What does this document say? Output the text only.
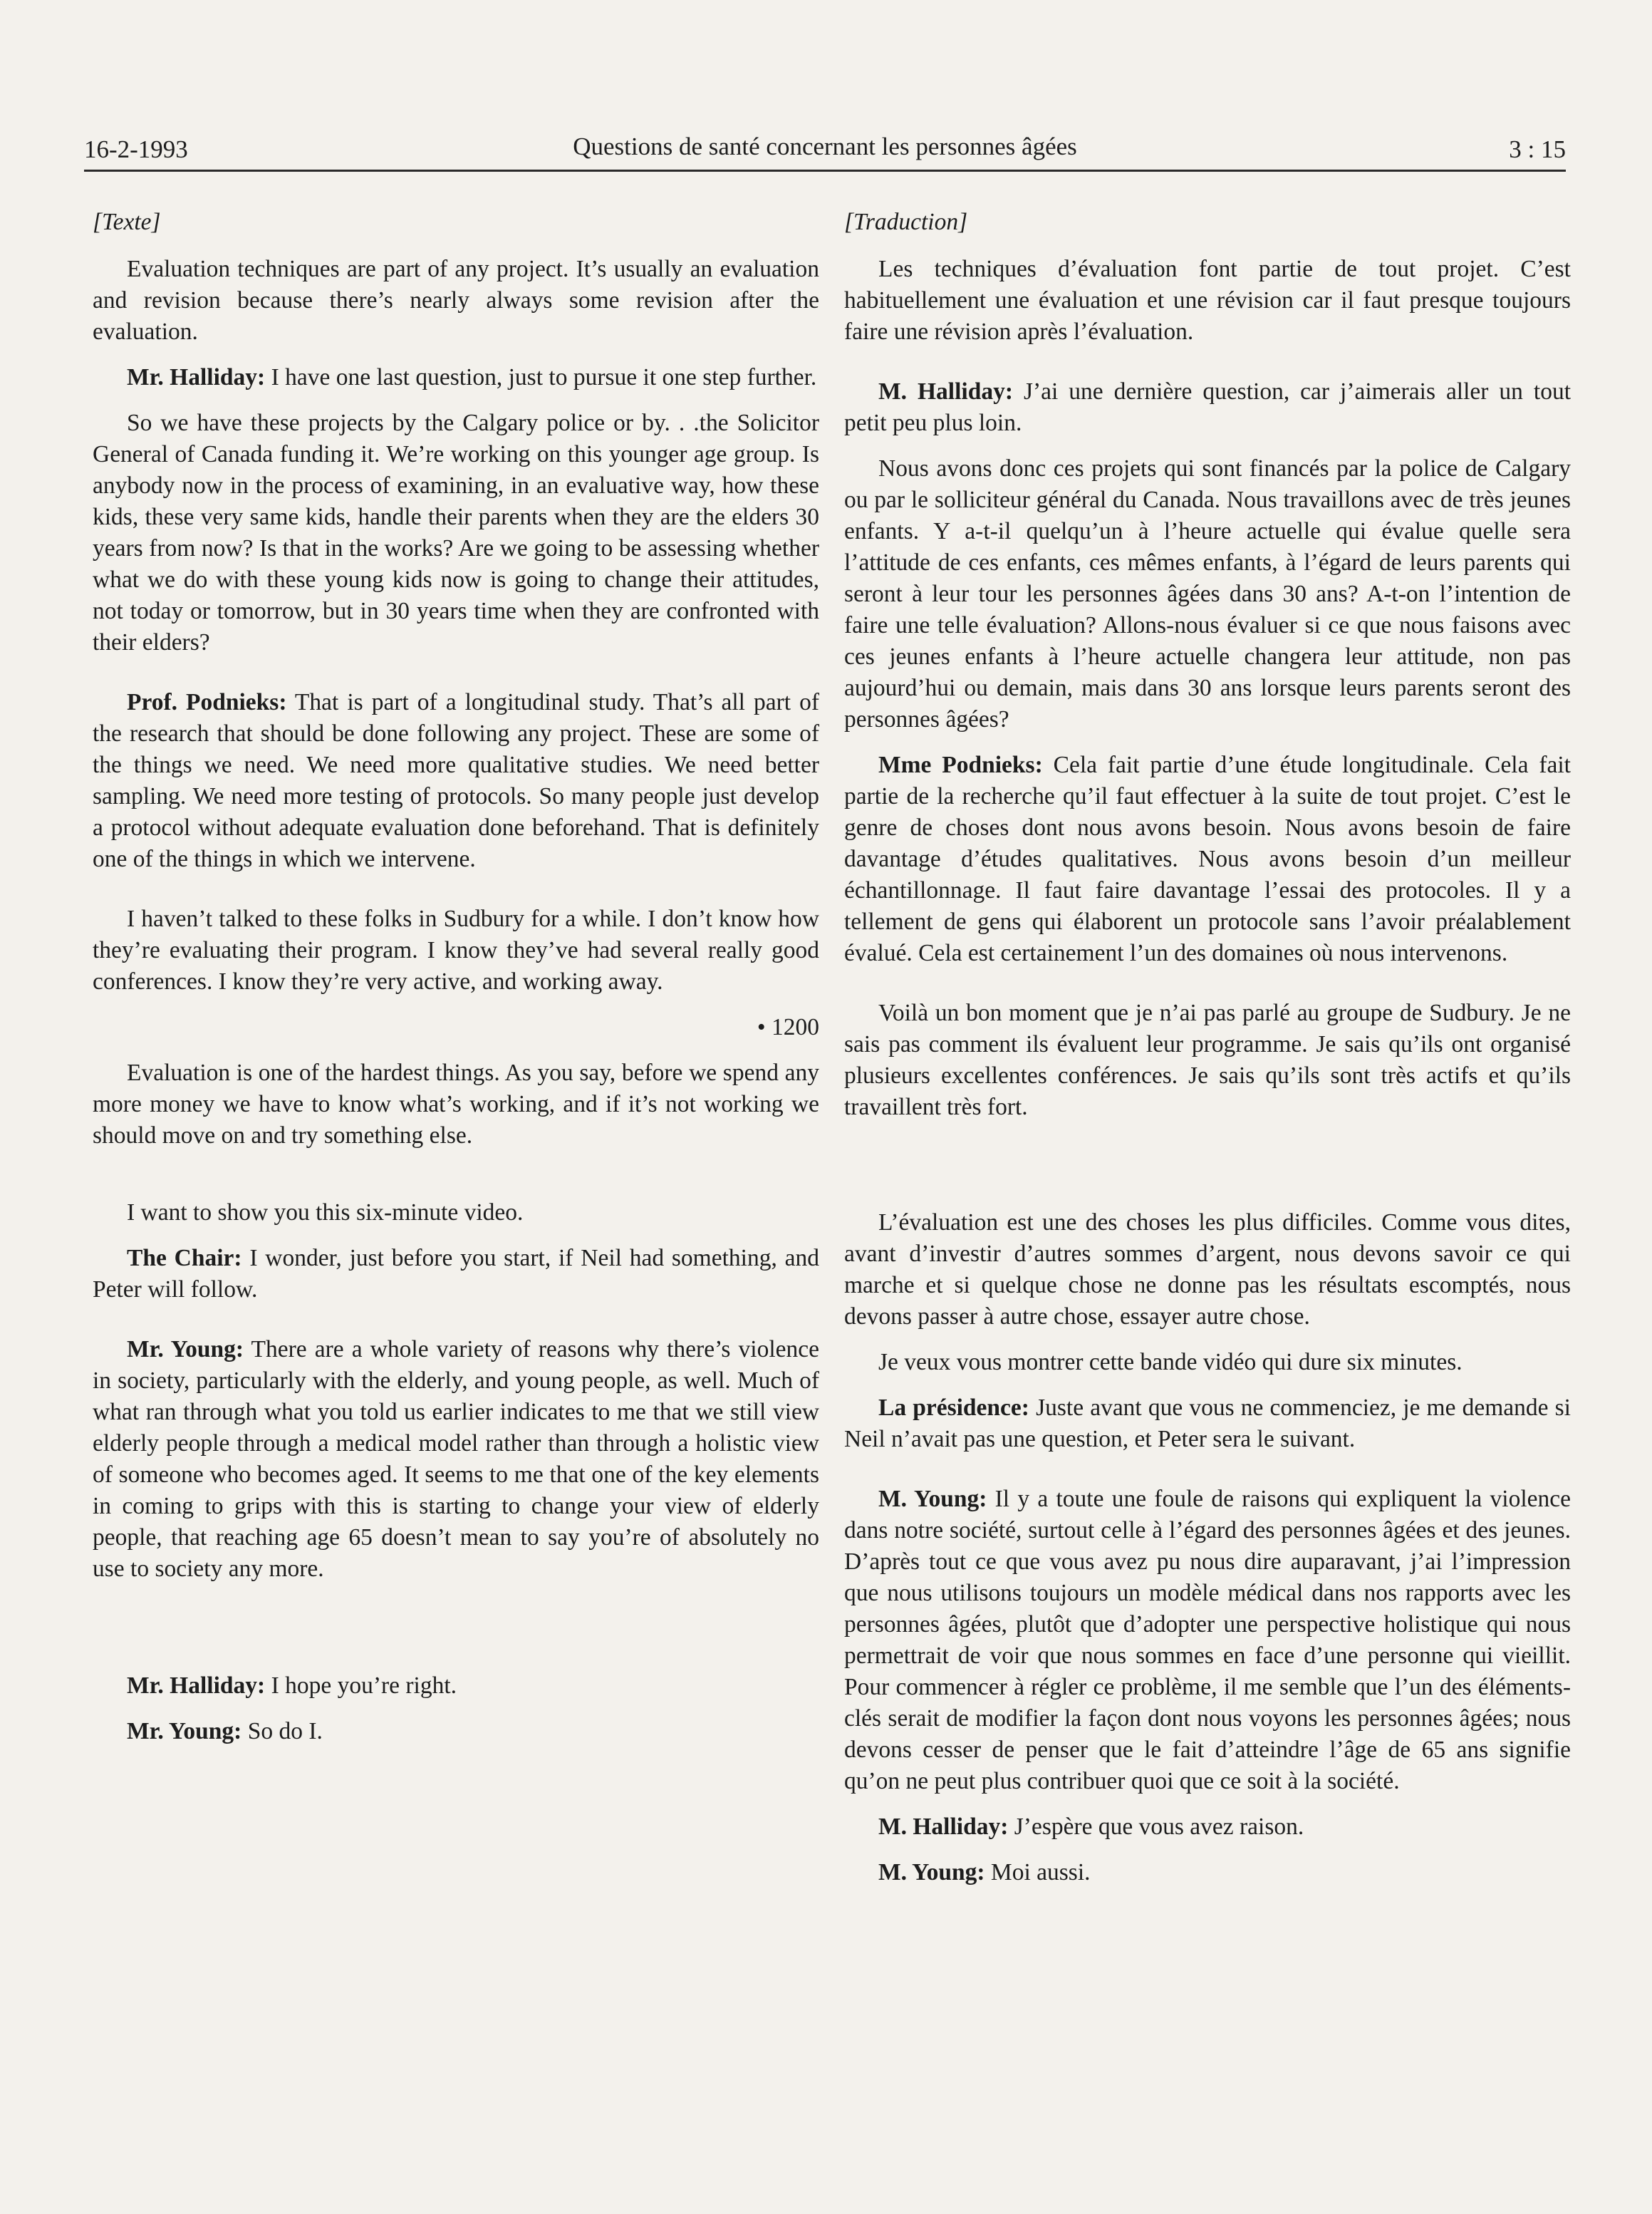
16-2-1993	Questions de santé concernant les personnes âgées	3 : 15
[Texte]

Evaluation techniques are part of any project. It’s usually an evaluation and revision because there’s nearly always some revision after the evaluation.

Mr. Halliday: I have one last question, just to pursue it one step further.

So we have these projects by the Calgary police or by. . .the Solicitor General of Canada funding it. We’re working on this younger age group. Is anybody now in the process of examining, in an evaluative way, how these kids, these very same kids, handle their parents when they are the elders 30 years from now? Is that in the works? Are we going to be assessing whether what we do with these young kids now is going to change their attitudes, not today or tomorrow, but in 30 years time when they are confronted with their elders?

Prof. Podnieks: That is part of a longitudinal study. That’s all part of the research that should be done following any project. These are some of the things we need. We need more qualitative studies. We need better sampling. We need more testing of protocols. So many people just develop a protocol without adequate evaluation done beforehand. That is definitely one of the things in which we intervene.

I haven’t talked to these folks in Sudbury for a while. I don’t know how they’re evaluating their program. I know they’ve had several really good conferences. I know they’re very active, and working away.

• 1200

Evaluation is one of the hardest things. As you say, before we spend any more money we have to know what’s working, and if it’s not working we should move on and try something else.

I want to show you this six-minute video.

The Chair: I wonder, just before you start, if Neil had something, and Peter will follow.

Mr. Young: There are a whole variety of reasons why there’s violence in society, particularly with the elderly, and young people, as well. Much of what ran through what you told us earlier indicates to me that we still view elderly people through a medical model rather than through a holistic view of someone who becomes aged. It seems to me that one of the key elements in coming to grips with this is starting to change your view of elderly people, that reaching age 65 doesn’t mean to say you’re of absolutely no use to society any more.

Mr. Halliday: I hope you’re right.

Mr. Young: So do I.

[Traduction]

Les techniques d’évaluation font partie de tout projet. C’est habituellement une évaluation et une révision car il faut presque toujours faire une révision après l’évaluation.

M. Halliday: J’ai une dernière question, car j’aimerais aller un tout petit peu plus loin.

Nous avons donc ces projets qui sont financés par la police de Calgary ou par le solliciteur général du Canada. Nous travaillons avec de très jeunes enfants. Y a-t-il quelqu’un à l’heure actuelle qui évalue quelle sera l’attitude de ces enfants, ces mêmes enfants, à l’égard de leurs parents qui seront à leur tour les personnes âgées dans 30 ans? A-t-on l’intention de faire une telle évaluation? Allons-nous évaluer si ce que nous faisons avec ces jeunes enfants à l’heure actuelle changera leur attitude, non pas aujourd’hui ou demain, mais dans 30 ans lorsque leurs parents seront des personnes âgées?

Mme Podnieks: Cela fait partie d’une étude longitudinale. Cela fait partie de la recherche qu’il faut effectuer à la suite de tout projet. C’est le genre de choses dont nous avons besoin. Nous avons besoin de faire davantage d’études qualitatives. Nous avons besoin d’un meilleur échantillonnage. Il faut faire davantage l’essai des protocoles. Il y a tellement de gens qui élaborent un protocole sans l’avoir préalablement évalué. Cela est certainement l’un des domaines où nous intervenons.

Voilà un bon moment que je n’ai pas parlé au groupe de Sudbury. Je ne sais pas comment ils évaluent leur programme. Je sais qu’ils ont organisé plusieurs excellentes conférences. Je sais qu’ils sont très actifs et qu’ils travaillent très fort.

L’évaluation est une des choses les plus difficiles. Comme vous dites, avant d’investir d’autres sommes d’argent, nous devons savoir ce qui marche et si quelque chose ne donne pas les résultats escomptés, nous devons passer à autre chose, essayer autre chose.

Je veux vous montrer cette bande vidéo qui dure six minutes.

La présidence: Juste avant que vous ne commenciez, je me demande si Neil n’avait pas une question, et Peter sera le suivant.

M. Young: Il y a toute une foule de raisons qui expliquent la violence dans notre société, surtout celle à l’égard des personnes âgées et des jeunes. D’après tout ce que vous avez pu nous dire auparavant, j’ai l’impression que nous utilisons toujours un modèle médical dans nos rapports avec les personnes âgées, plutôt que d’adopter une perspective holistique qui nous permettrait de voir que nous sommes en face d’une personne qui vieillit. Pour commencer à régler ce problème, il me semble que l’un des éléments-clés serait de modifier la façon dont nous voyons les personnes âgées; nous devons cesser de penser que le fait d’atteindre l’âge de 65 ans signifie qu’on ne peut plus contribuer quoi que ce soit à la société.

M. Halliday: J’espère que vous avez raison.

M. Young: Moi aussi.
